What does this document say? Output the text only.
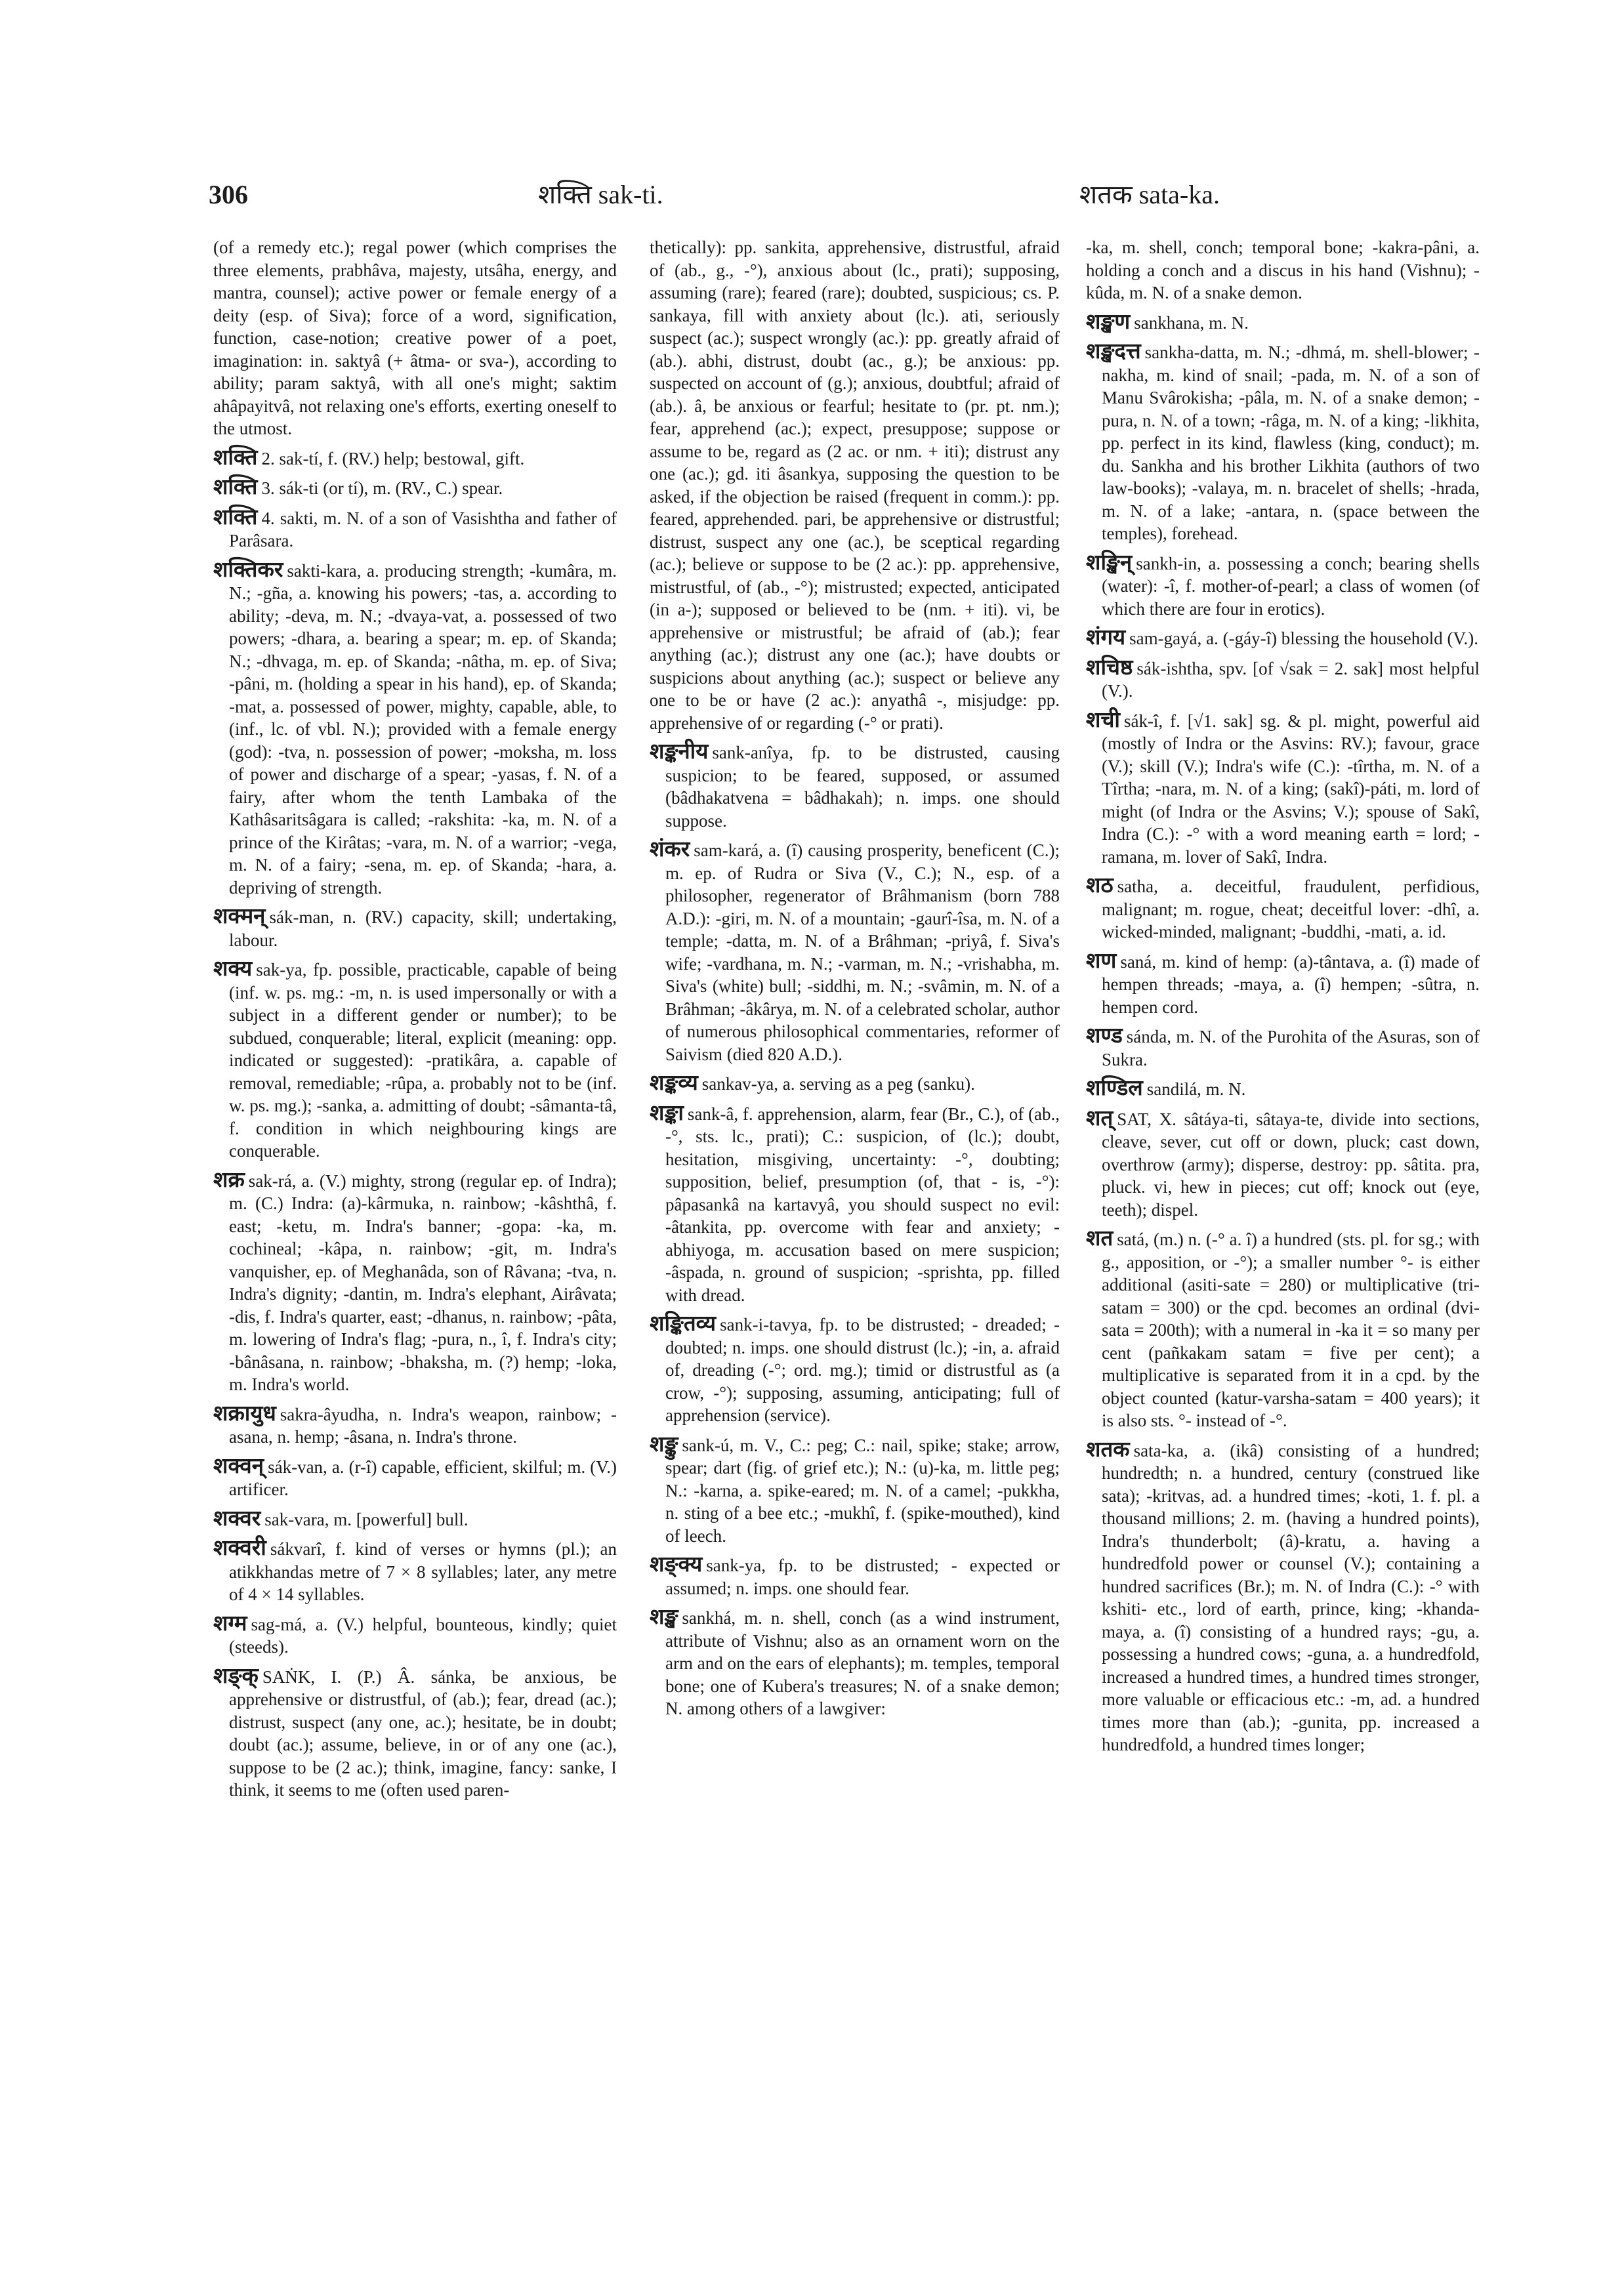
306	शक्ति sak-ti.	शतक sata-ka.

(of a remedy etc.); regal power (which comprises the three elements, prabhâva, majesty, utsâha, energy, and mantra, counsel); active power or female energy of a deity (esp. of Siva); force of a word, signification, function, case-notion; creative power of a poet, imagination: in. saktyâ (+ âtma- or sva-), according to ability; param saktyâ, with all one's might; saktim ahâpayitvâ, not relaxing one's efforts, exerting oneself to the utmost.

शक्ति 2. sak-tí, f. (RV.) help; bestowal, gift.

शक्ति 3. sák-ti (or tí), m. (RV., C.) spear.

शक्ति 4. sakti, m. N. of a son of Vasishtha and father of Parâsara.

शक्तिकर sakti-kara, a. producing strength; -kumâra, m. N.; -gña, a. knowing his powers; -tas, a. according to ability; -deva, m. N.; -dvaya-vat, a. possessed of two powers; -dhara, a. bearing a spear; m. ep. of Skanda; N.; -dhvaga, m. ep. of Skanda; -nâtha, m. ep. of Siva; -pâni, m. (holding a spear in his hand), ep. of Skanda; -mat, a. possessed of power, mighty, capable, able, to (inf., lc. of vbl. N.); provided with a female energy (god): -tva, n. possession of power; -moksha, m. loss of power and discharge of a spear; -yasas, f. N. of a fairy, after whom the tenth Lambaka of the Kathâsaritsâgara is called; -rakshita: -ka, m. N. of a prince of the Kirâtas; -vara, m. N. of a warrior; -vega, m. N. of a fairy; -sena, m. ep. of Skanda; -hara, a. depriving of strength.

शक्मन् sák-man, n. (RV.) capacity, skill; undertaking, labour.

शक्य sak-ya, fp. possible, practicable, capable of being (inf. w. ps. mg.: -m, n. is used impersonally or with a subject in a different gender or number); to be subdued, conquerable; literal, explicit (meaning: opp. indicated or suggested): -pratikâra, a. capable of removal, remediable; -rûpa, a. probably not to be (inf. w. ps. mg.); -sanka, a. admitting of doubt; -sâmanta-tâ, f. condition in which neighbouring kings are conquerable.

शक्र sak-rá, a. (V.) mighty, strong (regular ep. of Indra); m. (C.) Indra: (a)-kârmuka, n. rainbow; -kâshthâ, f. east; -ketu, m. Indra's banner; -gopa: -ka, m. cochineal; -kâpa, n. rainbow; -git, m. Indra's vanquisher, ep. of Meghanâda, son of Râvana; -tva, n. Indra's dignity; -dantin, m. Indra's elephant, Airâvata; -dis, f. Indra's quarter, east; -dhanus, n. rainbow; -pâta, m. lowering of Indra's flag; -pura, n., î, f. Indra's city; -bânâsana, n. rainbow; -bhaksha, m. (?) hemp; -loka, m. Indra's world.

शक्रायुध sakra-âyudha, n. Indra's weapon, rainbow; -asana, n. hemp; -âsana, n. Indra's throne.

शक्वन् sák-van, a. (r-î) capable, efficient, skilful; m. (V.) artificer.

शक्वर sak-vara, m. [powerful] bull.

शक्वरी sákvarî, f. kind of verses or hymns (pl.); an atikkhandas metre of 7 × 8 syllables; later, any metre of 4 × 14 syllables.

शग्म sag-má, a. (V.) helpful, bounteous, kindly; quiet (steeds).

शङ्क् SAṄK, I. (P.) Â. sánka, be anxious, be apprehensive or distrustful, of (ab.); fear, dread (ac.); distrust, suspect (any one, ac.); hesitate, be in doubt; doubt (ac.); assume, believe, in or of any one (ac.), suppose to be (2 ac.); think, imagine, fancy: sanke, I think, it seems to me (often used paren-

thetically): pp. sankita, apprehensive, distrustful, afraid of (ab., g., -°), anxious about (lc., prati); supposing, assuming (rare); feared (rare); doubted, suspicious; cs. P. sankaya, fill with anxiety about (lc.). ati, seriously suspect (ac.); suspect wrongly (ac.): pp. greatly afraid of (ab.). abhi, distrust, doubt (ac., g.); be anxious: pp. suspected on account of (g.); anxious, doubtful; afraid of (ab.). â, be anxious or fearful; hesitate to (pr. pt. nm.); fear, apprehend (ac.); expect, presuppose; suppose or assume to be, regard as (2 ac. or nm. + iti); distrust any one (ac.); gd. iti âsankya, supposing the question to be asked, if the objection be raised (frequent in comm.): pp. feared, apprehended. pari, be apprehensive or distrustful; distrust, suspect any one (ac.), be sceptical regarding (ac.); believe or suppose to be (2 ac.): pp. apprehensive, mistrustful, of (ab., -°); mistrusted; expected, anticipated (in a-); supposed or believed to be (nm. + iti). vi, be apprehensive or mistrustful; be afraid of (ab.); fear anything (ac.); distrust any one (ac.); have doubts or suspicions about anything (ac.); suspect or believe any one to be or have (2 ac.): anyathâ -, misjudge: pp. apprehensive of or regarding (-° or prati).

शङ्कनीय sank-anîya, fp. to be distrusted, causing suspicion; to be feared, supposed, or assumed (bâdhakatvena = bâdhakah); n. imps. one should suppose.

शंकर sam-kará, a. (î) causing prosperity, beneficent (C.); m. ep. of Rudra or Siva (V., C.); N., esp. of a philosopher, regenerator of Brâhmanism (born 788 A.D.): -giri, m. N. of a mountain; -gaurî-îsa, m. N. of a temple; -datta, m. N. of a Brâhman; -priyâ, f. Siva's wife; -vardhana, m. N.; -varman, m. N.; -vrishabha, m. Siva's (white) bull; -siddhi, m. N.; -svâmin, m. N. of a Brâhman; -âkârya, m. N. of a celebrated scholar, author of numerous philosophical commentaries, reformer of Saivism (died 820 A.D.).

शङ्कव्य sankav-ya, a. serving as a peg (sanku).

शङ्का sank-â, f. apprehension, alarm, fear (Br., C.), of (ab., -°, sts. lc., prati); C.: suspicion, of (lc.); doubt, hesitation, misgiving, uncertainty: -°, doubting; supposition, belief, presumption (of, that - is, -°): pâpasankâ na kartavyâ, you should suspect no evil: -âtankita, pp. overcome with fear and anxiety; -abhiyoga, m. accusation based on mere suspicion; -âspada, n. ground of suspicion; -sprishta, pp. filled with dread.

शङ्कितव्य sank-i-tavya, fp. to be distrusted; - dreaded; - doubted; n. imps. one should distrust (lc.); -in, a. afraid of, dreading (-°; ord. mg.); timid or distrustful as (a crow, -°); supposing, assuming, anticipating; full of apprehension (service).

शङ्कु sank-ú, m. V., C.: peg; C.: nail, spike; stake; arrow, spear; dart (fig. of grief etc.); N.: (u)-ka, m. little peg; N.: -karna, a. spike-eared; m. N. of a camel; -pukkha, n. sting of a bee etc.; -mukhî, f. (spike-mouthed), kind of leech.

शङ्क्य sank-ya, fp. to be distrusted; - expected or assumed; n. imps. one should fear.

शङ्ख sankhá, m. n. shell, conch (as a wind instrument, attribute of Vishnu; also as an ornament worn on the arm and on the ears of elephants); m. temples, temporal bone; one of Kubera's treasures; N. of a snake demon; N. among others of a lawgiver:

-ka, m. shell, conch; temporal bone; -kakra-pâni, a. holding a conch and a discus in his hand (Vishnu); -kûda, m. N. of a snake demon.

शङ्खण sankhana, m. N.

शङ्खदत्त sankha-datta, m. N.; -dhmá, m. shell-blower; -nakha, m. kind of snail; -pada, m. N. of a son of Manu Svârokisha; -pâla, m. N. of a snake demon; -pura, n. N. of a town; -râga, m. N. of a king; -likhita, pp. perfect in its kind, flawless (king, conduct); m. du. Sankha and his brother Likhita (authors of two law-books); -valaya, m. n. bracelet of shells; -hrada, m. N. of a lake; -antara, n. (space between the temples), forehead.

शङ्खिन् sankh-in, a. possessing a conch; bearing shells (water): -î, f. mother-of-pearl; a class of women (of which there are four in erotics).

शंगय sam-gayá, a. (-gáy-î) blessing the household (V.).

शचिष्ठ sák-ishtha, spv. [of √sak = 2. sak] most helpful (V.).

शची sák-î, f. [√1. sak] sg. & pl. might, powerful aid (mostly of Indra or the Asvins: RV.); favour, grace (V.); skill (V.); Indra's wife (C.): -tîrtha, m. N. of a Tîrtha; -nara, m. N. of a king; (sakî)-páti, m. lord of might (of Indra or the Asvins; V.); spouse of Sakî, Indra (C.): -° with a word meaning earth = lord; -ramana, m. lover of Sakî, Indra.

शठ satha, a. deceitful, fraudulent, perfidious, malignant; m. rogue, cheat; deceitful lover: -dhî, a. wicked-minded, malignant; -buddhi, -mati, a. id.

शण saná, m. kind of hemp: (a)-tântava, a. (î) made of hempen threads; -maya, a. (î) hempen; -sûtra, n. hempen cord.

शण्ड sánda, m. N. of the Purohita of the Asuras, son of Sukra.

शण्डिल sandilá, m. N.

शत् SAT, X. sâtáya-ti, sâtaya-te, divide into sections, cleave, sever, cut off or down, pluck; cast down, overthrow (army); disperse, destroy: pp. sâtita. pra, pluck. vi, hew in pieces; cut off; knock out (eye, teeth); dispel.

शत satá, (m.) n. (-° a. î) a hundred (sts. pl. for sg.; with g., apposition, or -°); a smaller number °- is either additional (asiti-sate = 280) or multiplicative (tri-satam = 300) or the cpd. becomes an ordinal (dvi-sata = 200th); with a numeral in -ka it = so many per cent (pañkakam satam = five per cent); a multiplicative is separated from it in a cpd. by the object counted (katur-varsha-satam = 400 years); it is also sts. °- instead of -°.

शतक sata-ka, a. (ikâ) consisting of a hundred; hundredth; n. a hundred, century (construed like sata); -kritvas, ad. a hundred times; -koti, 1. f. pl. a thousand millions; 2. m. (having a hundred points), Indra's thunderbolt; (â)-kratu, a. having a hundredfold power or counsel (V.); containing a hundred sacrifices (Br.); m. N. of Indra (C.): -° with kshiti- etc., lord of earth, prince, king; -khanda-maya, a. (î) consisting of a hundred rays; -gu, a. possessing a hundred cows; -guna, a. a hundredfold, increased a hundred times, a hundred times stronger, more valuable or efficacious etc.: -m, ad. a hundred times more than (ab.); -gunita, pp. increased a hundredfold, a hundred times longer;
